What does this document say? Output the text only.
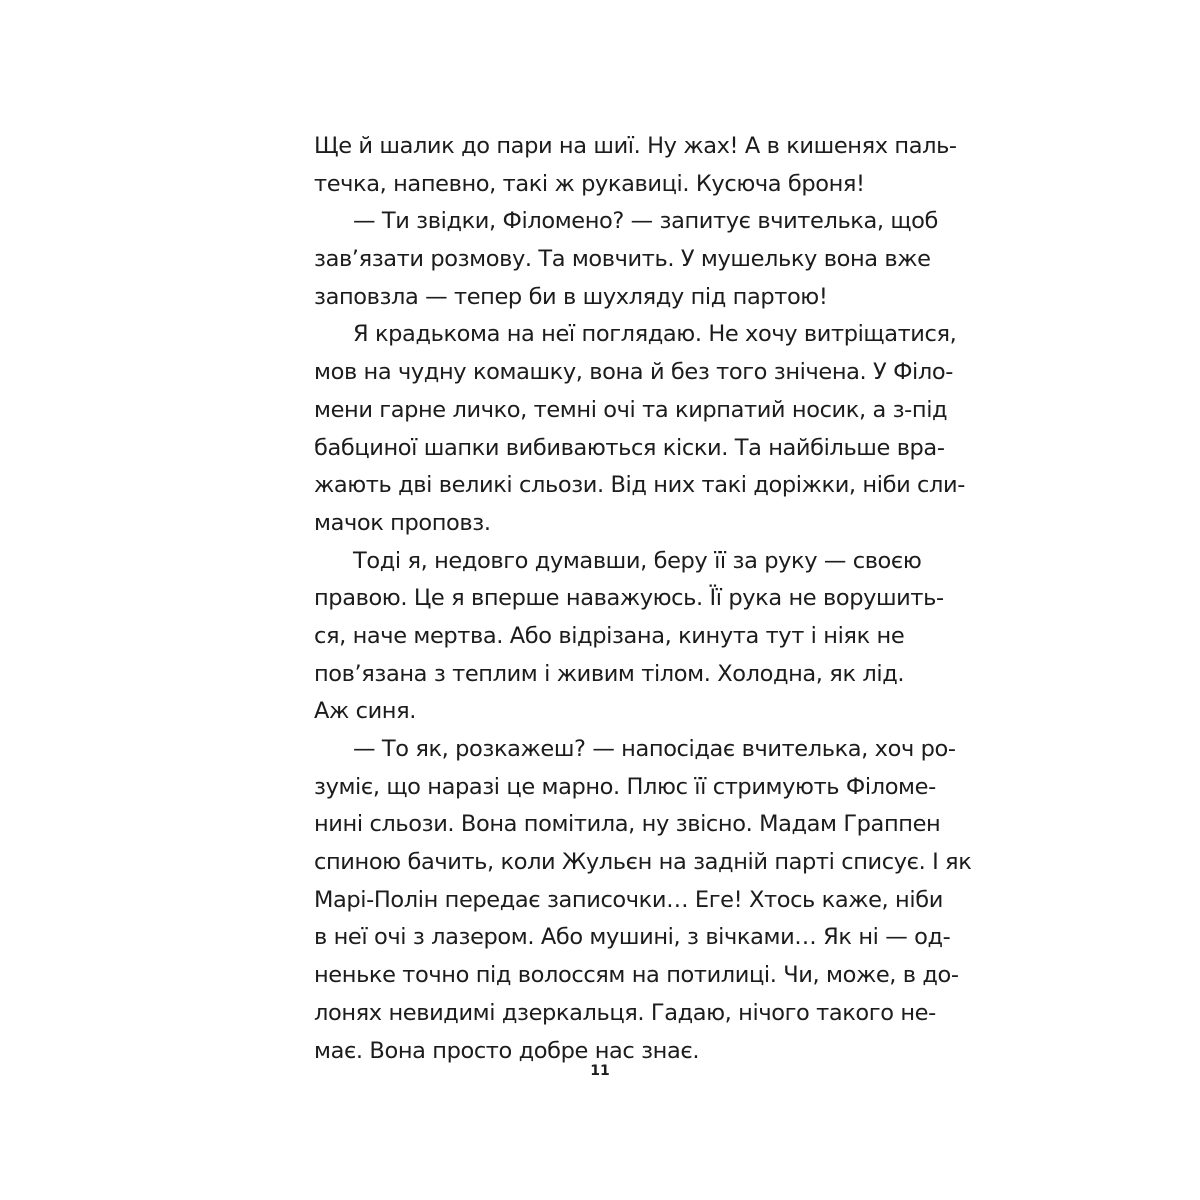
Ще й шалик до пари на шиї. Ну жах! А в кишенях паль-
течка, напевно, такі ж рукавиці. Кусюча броня!
— Ти звідки, Філомено? — запитує вчителька, щоб
зав’язати розмову. Та мовчить. У мушельку вона вже
заповзла — тепер би в шухляду під партою!
Я крадькома на неї поглядаю. Не хочу витріщатися,
мов на чудну комашку, вона й без того знічена. У Філо-
мени гарне личко, темні очі та кирпатий носик, а з-під
бабциної шапки вибиваються кіски. Та найбільше вра-
жають дві великі сльози. Від них такі доріжки, ніби сли-
мачок проповз.
Тоді я, недовго думавши, беру її за руку — своєю
правою. Це я вперше наважуюсь. Її рука не ворушить-
ся, наче мертва. Або відрізана, кинута тут і ніяк не
пов’язана з теплим і живим тілом. Холодна, як лід.
Аж синя.
— То як, розкажеш? — напосідає вчителька, хоч ро-
зуміє, що наразі це марно. Плюс її стримують Філоме-
нині сльози. Вона помітила, ну звісно. Мадам Граппен
спиною бачить, коли Жульєн на задній парті списує. І як
Марі-Полін передає записочки… Еге! Хтось каже, ніби
в неї очі з лазером. Або мушині, з вічками… Як ні — од-
неньке точно під волоссям на потилиці. Чи, може, в до-
лонях невидимі дзеркальця. Гадаю, нічого такого не-
має. Вона просто добре нас знає.
11
